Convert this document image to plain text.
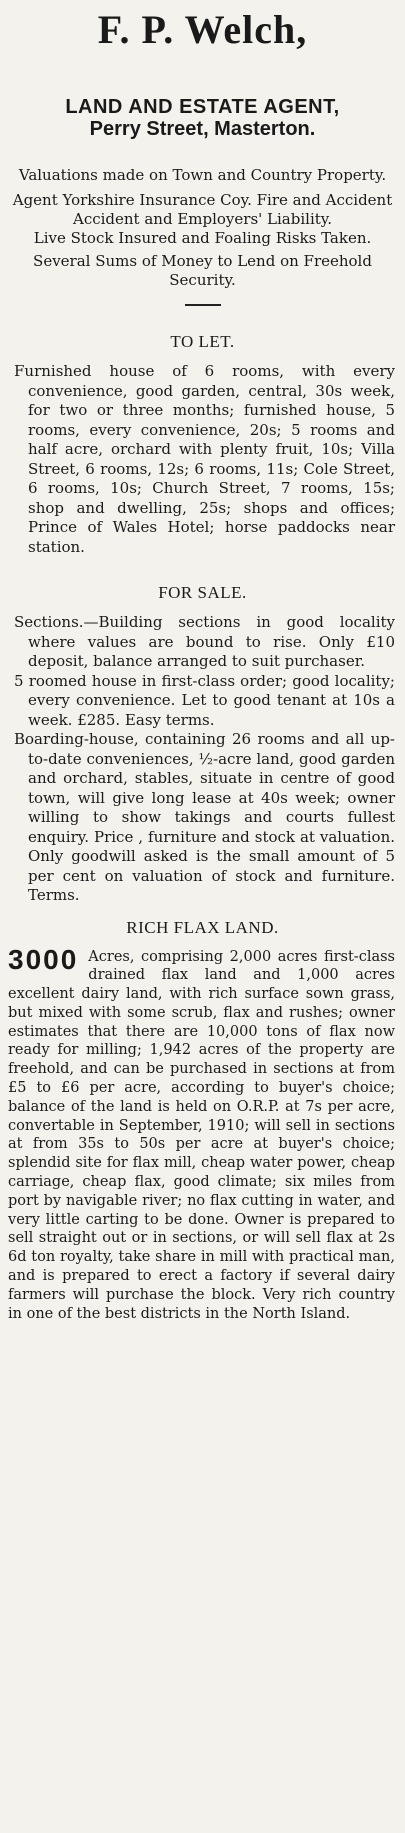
F. P. Welch,
LAND AND ESTATE AGENT,
Perry Street, Masterton.
Valuations made on Town and Country Property.
Agent Yorkshire Insurance Coy. Fire and Accident
Accident and Employers' Liability.
Live Stock Insured and Foaling Risks Taken.
Several Sums of Money to Lend on Freehold Security.
TO LET.
Furnished house of 6 rooms, with every convenience, good garden, central, 30s week, for two or three months; furnished house, 5 rooms, every convenience, 20s; 5 rooms and half acre, orchard with plenty fruit, 10s; Villa Street, 6 rooms, 12s; 6 rooms, 11s; Cole Street, 6 rooms, 10s; Church Street, 7 rooms, 15s; shop and dwelling, 25s; shops and offices; Prince of Wales Hotel; horse paddocks near station.
FOR SALE.
Sections.—Building sections in good locality where values are bound to rise. Only £10 deposit, balance arranged to suit purchaser.
5 roomed house in first-class order; good locality; every convenience. Let to good tenant at 10s a week. £285. Easy terms.
Boarding-house, containing 26 rooms and all up-to-date conveniences, ½-acre land, good garden and orchard, stables, situate in centre of good town, will give long lease at 40s week; owner willing to show takings and courts fullest enquiry. Price , furniture and stock at valuation. Only goodwill asked is the small amount of 5 per cent on valuation of stock and furniture. Terms.
RICH FLAX LAND.
3000 Acres, comprising 2,000 acres first-class drained flax land and 1,000 acres excellent dairy land, with rich surface sown grass, but mixed with some scrub, flax and rushes; owner estimates that there are 10,000 tons of flax now ready for milling; 1,942 acres of the property are freehold, and can be purchased in sections at from £5 to £6 per acre, according to buyer's choice; balance of the land is held on O.R.P. at 7s per acre, convertable in September, 1910; will sell in sections at from 35s to 50s per acre at buyer's choice; splendid site for flax mill, cheap water power, cheap carriage, cheap flax, good climate; six miles from port by navigable river; no flax cutting in water, and very little carting to be done. Owner is prepared to sell straight out or in sections, or will sell flax at 2s 6d ton royalty, take share in mill with practical man, and is prepared to erect a factory if several dairy farmers will purchase the block. Very rich country in one of the best districts in the North Island.
